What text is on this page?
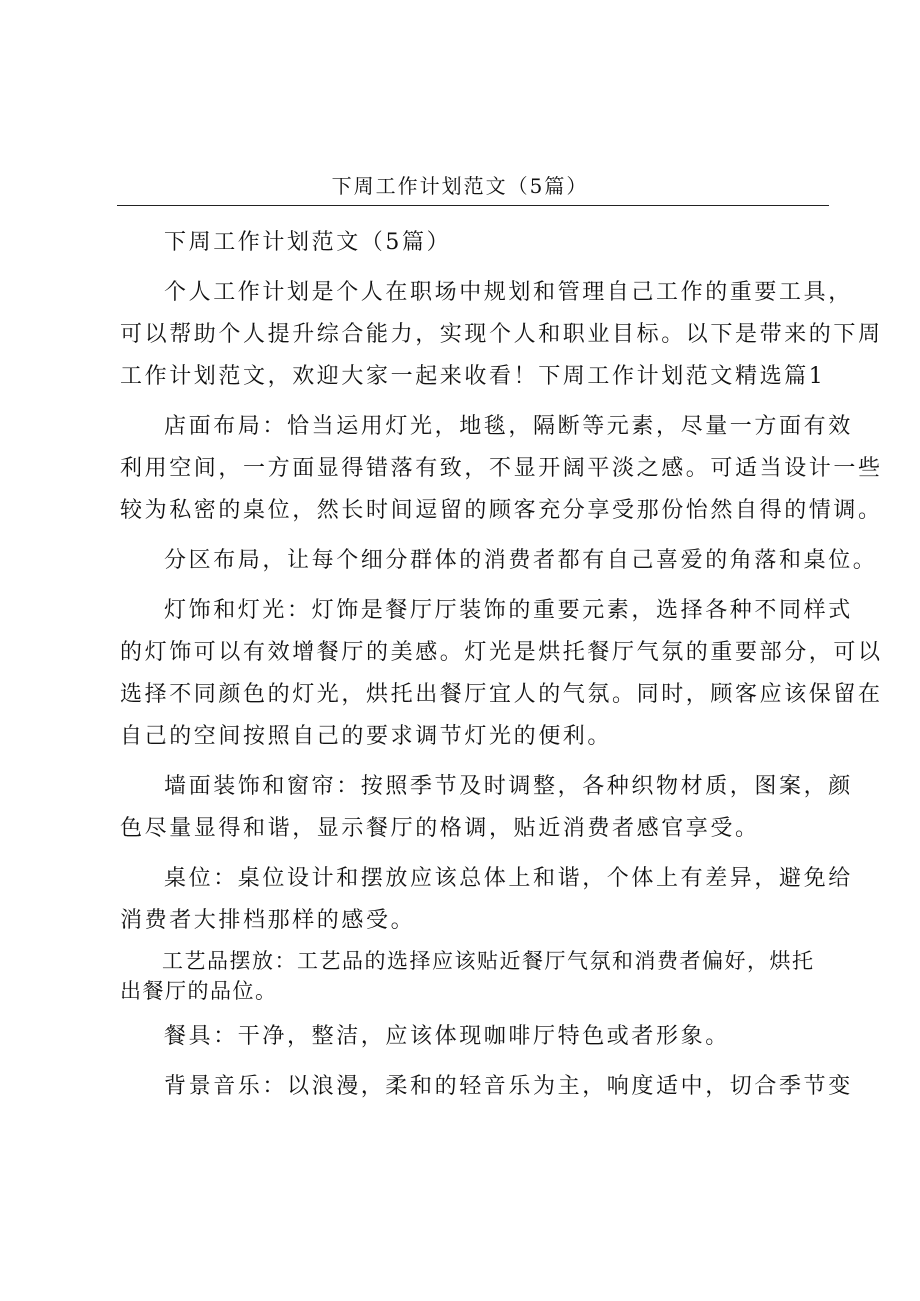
下周工作计划范文（5篇）

下周工作计划范文（5篇）

个人工作计划是个人在职场中规划和管理自己工作的重要工具，
可以帮助个人提升综合能力，实现个人和职业目标。以下是带来的下周
工作计划范文，欢迎大家一起来收看！下周工作计划范文精选篇1

店面布局：恰当运用灯光，地毯，隔断等元素，尽量一方面有效
利用空间，一方面显得错落有致，不显开阔平淡之感。可适当设计一些
较为私密的桌位，然长时间逗留的顾客充分享受那份怡然自得的情调。

分区布局，让每个细分群体的消费者都有自己喜爱的角落和桌位。

灯饰和灯光：灯饰是餐厅厅装饰的重要元素，选择各种不同样式
的灯饰可以有效增餐厅的美感。灯光是烘托餐厅气氛的重要部分，可以
选择不同颜色的灯光，烘托出餐厅宜人的气氛。同时，顾客应该保留在
自己的空间按照自己的要求调节灯光的便利。

墙面装饰和窗帘：按照季节及时调整，各种织物材质，图案，颜
色尽量显得和谐，显示餐厅的格调，贴近消费者感官享受。

桌位：桌位设计和摆放应该总体上和谐，个体上有差异，避免给
消费者大排档那样的感受。

工艺品摆放：工艺品的选择应该贴近餐厅气氛和消费者偏好，烘托
出餐厅的品位。

餐具：干净，整洁，应该体现咖啡厅特色或者形象。

背景音乐：以浪漫，柔和的轻音乐为主，响度适中，切合季节变
